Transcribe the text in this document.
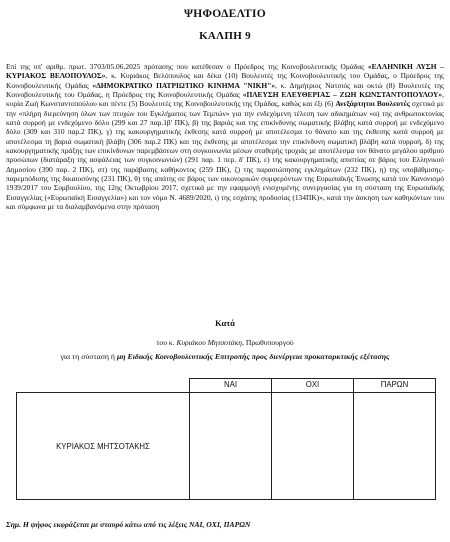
ΨΗΦΟΔΕΛΤΙΟ
ΚΑΛΠΗ 9

Επί της υπ' αριθμ. πρωτ. 3703/05.06.2025 πρότασης που κατέθεσαν ο Πρόεδρος της Κοινοβουλευτικής Ομάδας «ΕΛΛΗΝΙΚΗ ΛΥΣΗ – ΚΥΡΙΑΚΟΣ ΒΕΛΟΠΟΥΛΟΣ», κ. Κυριάκος Βελόπουλος και δέκα (10) Βουλευτές της Κοινοβουλευτικής του Ομάδας, ο Πρόεδρος της Κοινοβουλευτικής Ομάδας «ΔΗΜΟΚΡΑΤΙΚΟ ΠΑΤΡΙΩΤΙΚΟ ΚΙΝΗΜΑ "ΝΙΚΗ"», κ. Δημήτριος Νατσιός και οκτώ (8) Βουλευτές της Κοινοβουλευτικής του Ομάδας, η Πρόεδρος της Κοινοβουλευτικής Ομάδας «ΠΛΕΥΣΗ ΕΛΕΥΘΕΡΙΑΣ – ΖΩΗ ΚΩΝΣΤΑΝΤΟΠΟΥΛΟΥ», κυρία Ζωή Κωνσταντοπούλου και πέντε (5) Βουλευτές της Κοινοβουλευτικής της Ομάδας, καθώς και έξι (6) Ανεξάρτητοι Βουλευτές σχετικά με την «πλήρη διερεύνηση όλων των πτυχών του Εγκλήματος των Τεμπών» για την ενδεχόμενη τέλεση των αδικημάτων «α) της ανθρωποκτονίας κατά συρροή με ενδεχόμενο δόλο (299 και 27 παρ.1β' ΠΚ), β) της βαριάς και της επικίνδυνης σωματικής βλάβης κατά συρροή με ενδεχόμενο δόλο (309 και 310 παρ.2 ΠΚ), γ) της κακουργηματικής έκθεσης κατά συρροή με αποτέλεσμα το θάνατο και της έκθεσης κατά συρροή με αποτέλεσμα τη βαριά σωματική βλάβη (306 παρ.2 ΠΚ) και της έκθεσης με αποτέλεσμα την επικίνδυνη σωματική βλάβη κατά συρροή, δ) της κακουργηματικής πράξης των επικίνδυνων παρεμβάσεων στη συγκοινωνία μέσων σταθερής τροχιάς με αποτέλεσμα τον θάνατο μεγάλου αριθμού προσώπων (διατάραξη της ασφάλειας των συγκοινωνιών) (291 παρ. 1 περ. δ' ΠΚ), ε) της κακουργηματικής απιστίας σε βάρος του Ελληνικού Δημοσίου (390 παρ. 2 ΠΚ), στ) της παράβασης καθήκοντος (259 ΠΚ), ζ) της παρασιώπησης εγκλημάτων (232 ΠΚ), η) της υποβάθμισης- παρεμπόδισης της δικαιοσύνης (231 ΠΚ), θ) της απάτης σε βάρος των οικονομικών συμφερόντων της Ευρωπαϊκής Ένωσης κατά τον Κανονισμό 1939/2017 του Συμβουλίου, της 12ης Οκτωβρίου 2017, σχετικά με την εφαρμογή ενισχυμένης συνεργασίας για τη σύσταση της Ευρωπαϊκής Εισαγγελίας («Ευρωπαϊκή Εισαγγελία») και τον νόμο Ν. 4689/2020, ι) της εσχάτης προδοσίας (134ΠΚ)», κατά την άσκηση των καθηκόντων του και σύμφωνα με τα διαλαμβανόμενα στην πρόταση

Κατά
του κ. Κυριάκου Μητσοτάκη, Πρωθυπουργού
για τη σύσταση ή μη Ειδικής Κοινοβουλευτικής Επιτροπής προς διενέργεια προκαταρκτικής εξέτασης
	ΝΑΙ	ΟΧΙ	ΠΑΡΩΝ
ΚΥΡΙΑΚΟΣ ΜΗΤΣΟΤΑΚΗΣ	

Σημ. Η ψήφος εκφράζεται με σταυρό κάτω από τις λέξεις ΝΑΙ, ΟΧΙ, ΠΑΡΩΝ
